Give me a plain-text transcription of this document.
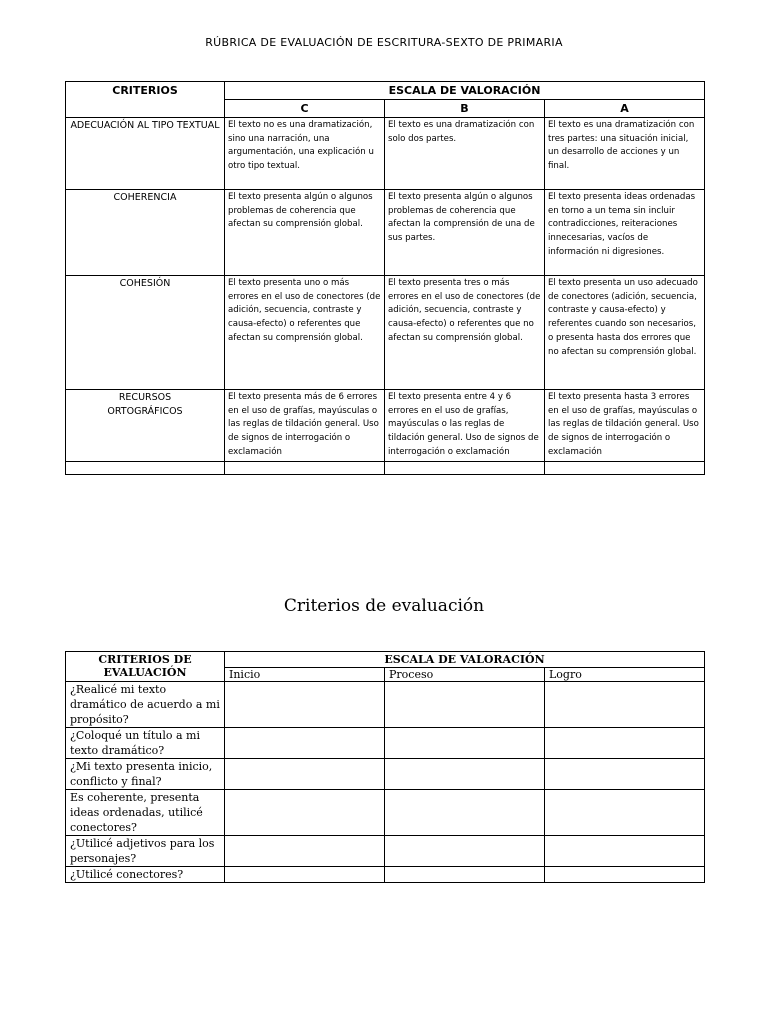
RÚBRICA DE EVALUACIÓN DE ESCRITURA-SEXTO DE PRIMARIA
CRITERIOS	ESCALA DE VALORACIÓN		
	C	B	A
ADECUACIÓN AL TIPO TEXTUAL	El texto no es una dramatización, sino una narración, una argumentación, una explicación u otro tipo textual.	El texto es una dramatización con solo dos partes.	El texto es una dramatización con tres partes: una situación inicial, un desarrollo de acciones y un final.
COHERENCIA	El texto presenta algún o algunos problemas de coherencia que afectan su comprensión global.	El texto presenta algún o algunos problemas de coherencia que afectan la comprensión de una de sus partes.	El texto presenta ideas ordenadas en torno a un tema sin incluir contradicciones, reiteraciones innecesarias, vacíos de información ni digresiones.
COHESIÓN	El texto presenta uno o más errores en el uso de conectores (de adición, secuencia, contraste y causa-efecto) o referentes que afectan su comprensión global.	El texto presenta tres o más errores en el uso de conectores (de adición, secuencia, contraste y causa-efecto) o referentes que no afectan su comprensión global.	El texto presenta un uso adecuado de conectores (adición, secuencia, contraste y causa-efecto) y referentes cuando son necesarios, o presenta hasta dos errores que no afectan su comprensión global.
RECURSOS ORTOGRÁFICOS	El texto presenta más de 6 errores en el uso de grafías, mayúsculas o las reglas de tildación general. Uso de signos de interrogación o exclamación	El texto presenta entre 4 y 6 errores en el uso de grafías, mayúsculas o las reglas de tildación general. Uso de signos de interrogación o exclamación	El texto presenta hasta 3 errores en el uso de grafías, mayúsculas o las reglas de tildación general. Uso de signos de interrogación o exclamación

Criterios de evaluación
CRITERIOS DE EVALUACIÓN	ESCALA DE VALORACIÓN		
	Inicio	Proceso	Logro
¿Realicé mi texto dramático de acuerdo a mi propósito?			
¿Coloqué un título a mi texto dramático?			
¿Mi texto presenta inicio, conflicto y final?			
Es coherente, presenta ideas ordenadas, utilicé conectores?			
¿Utilicé adjetivos para los personajes?			
¿Utilicé conectores?			
